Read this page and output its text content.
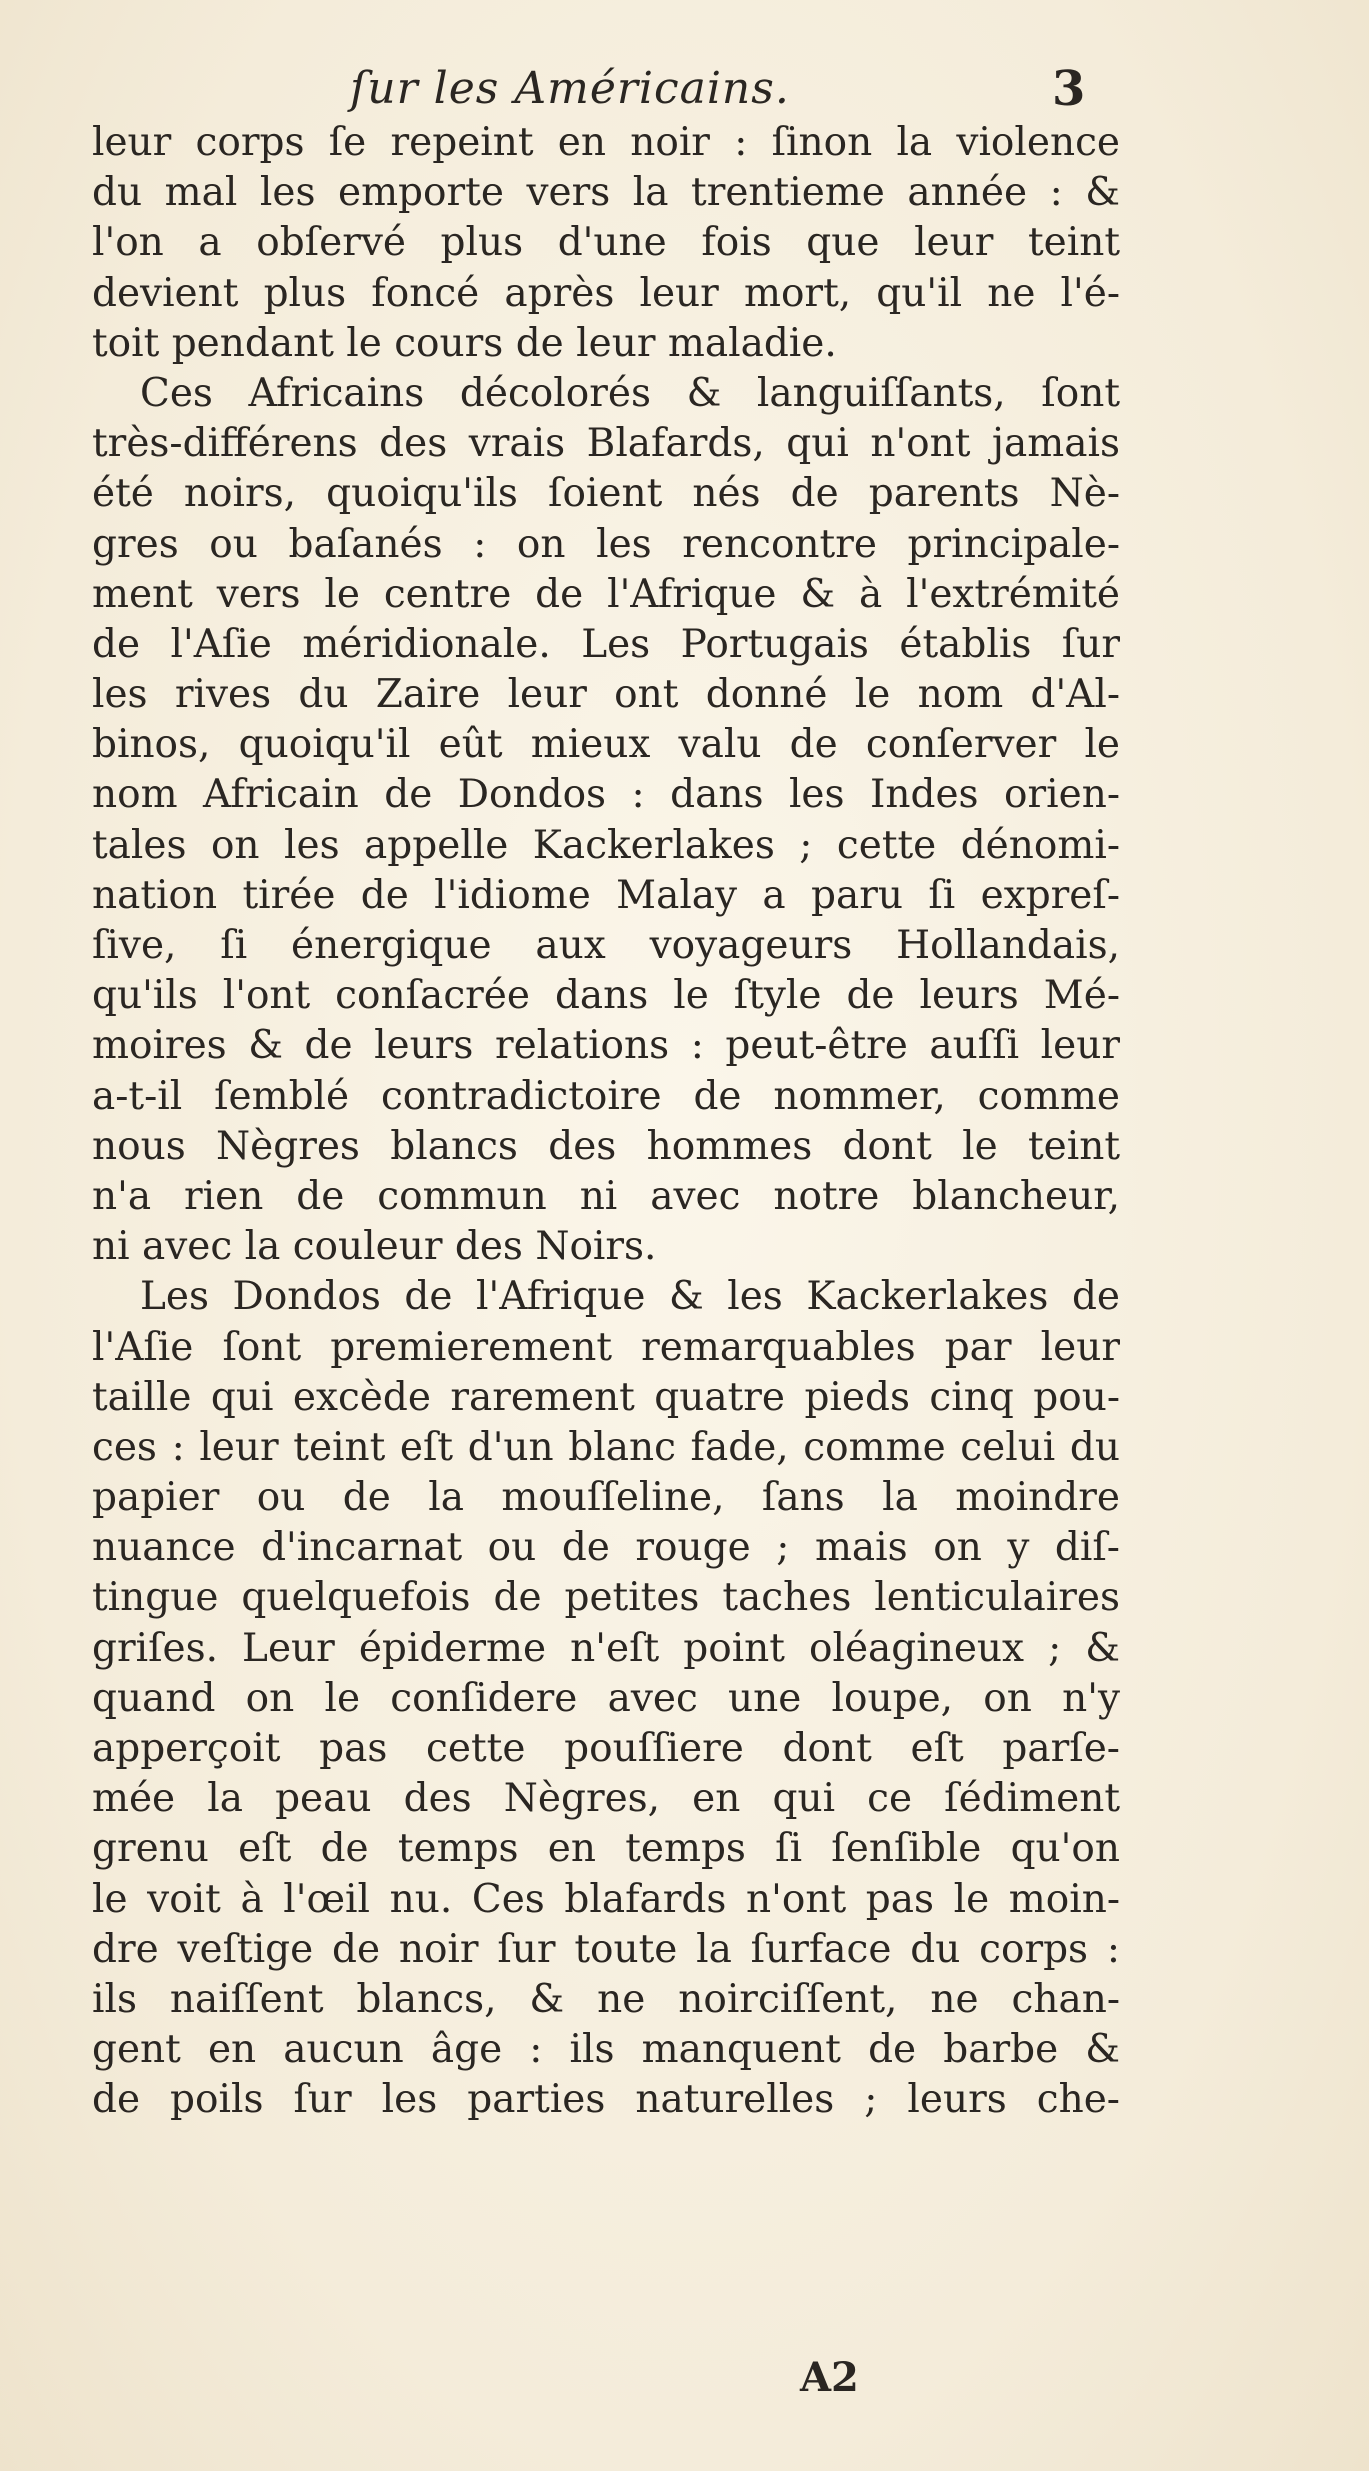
ſur les Américains.	3
leur corps ſe repeint en noir : ſinon la violence
du mal les emporte vers la trentieme année : &
l'on a obſervé plus d'une fois que leur teint
devient plus foncé après leur mort, qu'il ne l'é-
toit pendant le cours de leur maladie.
Ces Africains décolorés & languiſſants, ſont
très-différens des vrais Blafards, qui n'ont jamais
été noirs, quoiqu'ils ſoient nés de parents Nè-
gres ou baſanés : on les rencontre principale-
ment vers le centre de l'Afrique & à l'extrémité
de l'Aſie méridionale. Les Portugais établis ſur
les rives du Zaire leur ont donné le nom d'Al-
binos, quoiqu'il eût mieux valu de conſerver le
nom Africain de Dondos : dans les Indes orien-
tales on les appelle Kackerlakes ; cette dénomi-
nation tirée de l'idiome Malay a paru ſi expreſ-
ſive, ſi énergique aux voyageurs Hollandais,
qu'ils l'ont conſacrée dans le ſtyle de leurs Mé-
moires & de leurs relations : peut-être auſſi leur
a-t-il ſemblé contradictoire de nommer, comme
nous Nègres blancs des hommes dont le teint
n'a rien de commun ni avec notre blancheur,
ni avec la couleur des Noirs.
Les Dondos de l'Afrique & les Kackerlakes de
l'Aſie ſont premierement remarquables par leur
taille qui excède rarement quatre pieds cinq pou-
ces : leur teint eſt d'un blanc fade, comme celui du
papier ou de la mouſſeline, ſans la moindre
nuance d'incarnat ou de rouge ; mais on y diſ-
tingue quelquefois de petites taches lenticulaires
griſes. Leur épiderme n'eſt point oléagineux ; &
quand on le conſidere avec une loupe, on n'y
apperçoit pas cette pouſſiere dont eſt parſe-
mée la peau des Nègres, en qui ce ſédiment
grenu eſt de temps en temps ſi ſenſible qu'on
le voit à l'œil nu. Ces blafards n'ont pas le moin-
dre veſtige de noir ſur toute la ſurface du corps :
ils naiſſent blancs, & ne noirciſſent, ne chan-
gent en aucun âge : ils manquent de barbe &
de poils ſur les parties naturelles ; leurs che-
A2
